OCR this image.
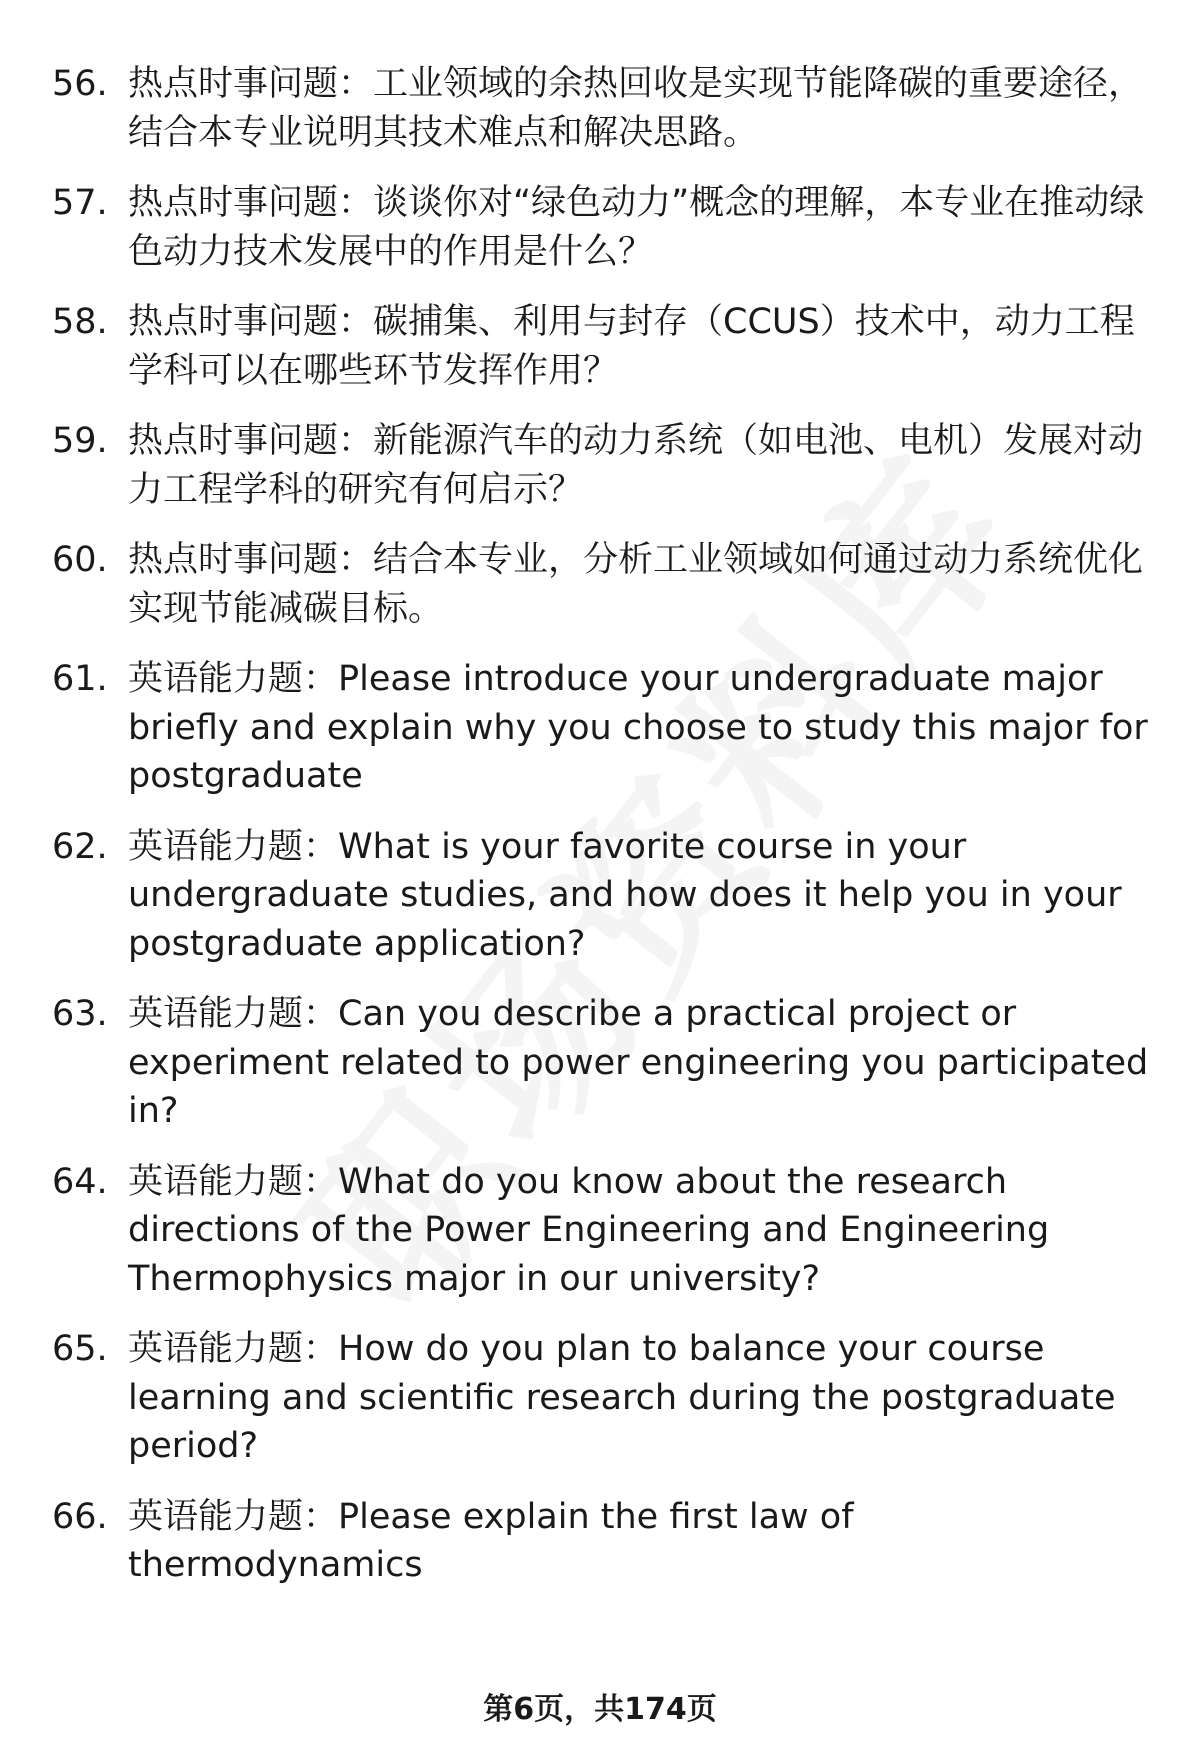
56. 热点时事问题：工业领域的余热回收是实现节能降碳的重要途径，结合本专业说明其技术难点和解决思路。
57. 热点时事问题：谈谈你对“绿色动力”概念的理解，本专业在推动绿色动力技术发展中的作用是什么？
58. 热点时事问题：碳捕集、利用与封存（CCUS）技术中，动力工程学科可以在哪些环节发挥作用？
59. 热点时事问题：新能源汽车的动力系统（如电池、电机）发展对动力工程学科的研究有何启示？
60. 热点时事问题：结合本专业，分析工业领域如何通过动力系统优化实现节能减碳目标。
61. 英语能力题：Please introduce your undergraduate major briefly and explain why you choose to study this major for postgraduate
62. 英语能力题：What is your favorite course in your undergraduate studies, and how does it help you in your postgraduate application?
63. 英语能力题：Can you describe a practical project or experiment related to power engineering you participated in?
64. 英语能力题：What do you know about the research directions of the Power Engineering and Engineering Thermophysics major in our university?
65. 英语能力题：How do you plan to balance your course learning and scientific research during the postgraduate period?
66. 英语能力题：Please explain the first law of thermodynamics
第6页，共174页
